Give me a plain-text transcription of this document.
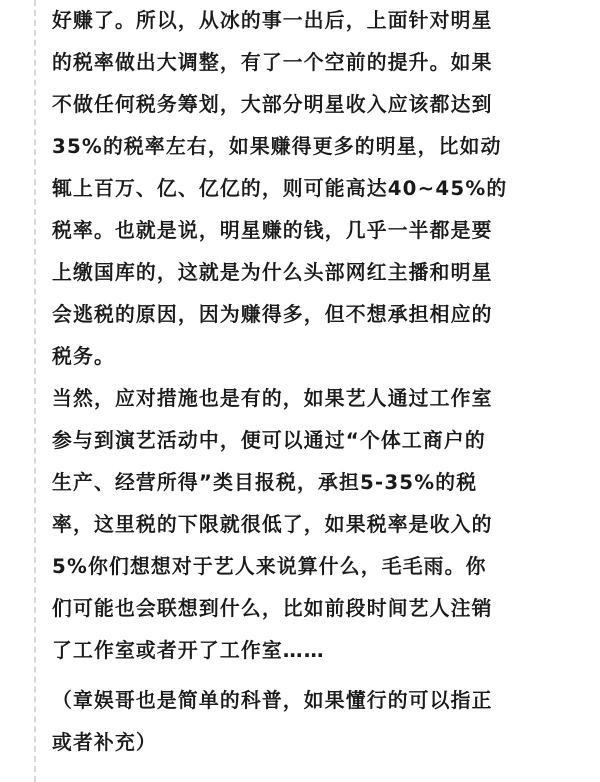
好赚了。所以，从冰的事一出后，上面针对明星
的税率做出大调整，有了一个空前的提升。如果
不做任何税务筹划，大部分明星收入应该都达到
35%的税率左右，如果赚得更多的明星，比如动
辄上百万、亿、亿亿的，则可能高达40~45%的
税率。也就是说，明星赚的钱，几乎一半都是要
上缴国库的，这就是为什么头部网红主播和明星
会逃税的原因，因为赚得多，但不想承担相应的
税务。
当然，应对措施也是有的，如果艺人通过工作室
参与到演艺活动中，便可以通过“个体工商户的
生产、经营所得”类目报税，承担5-35%的税
率，这里税的下限就很低了，如果税率是收入的
5%你们想想对于艺人来说算什么，毛毛雨。你
们可能也会联想到什么，比如前段时间艺人注销
了工作室或者开了工作室……
（章娱哥也是简单的科普，如果懂行的可以指正
或者补充）
